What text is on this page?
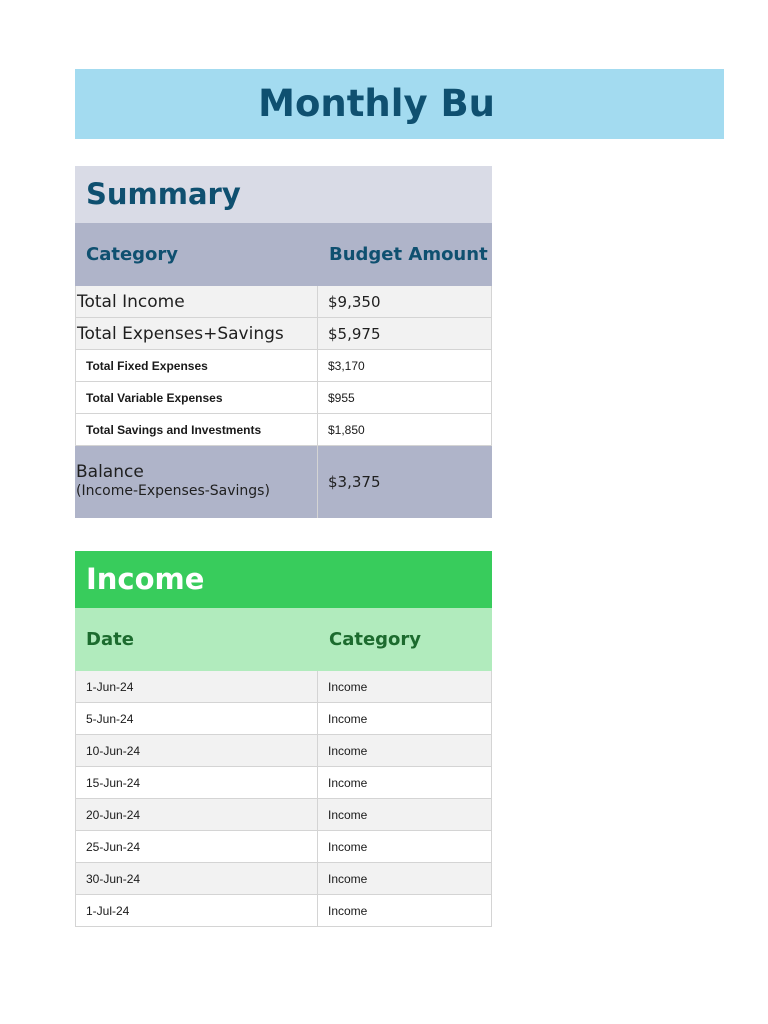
Monthly Bu
Summary
Category	Budget Amount
Total Income	$9,350
Total Expenses+Savings	$5,975
Total Fixed Expenses	$3,170
Total Variable Expenses	$955
Total Savings and Investments	$1,850
Balance
(Income-Expenses-Savings)	$3,375
Income
Date	Category
1-Jun-24	Income
5-Jun-24	Income
10-Jun-24	Income
15-Jun-24	Income
20-Jun-24	Income
25-Jun-24	Income
30-Jun-24	Income
1-Jul-24	Income
